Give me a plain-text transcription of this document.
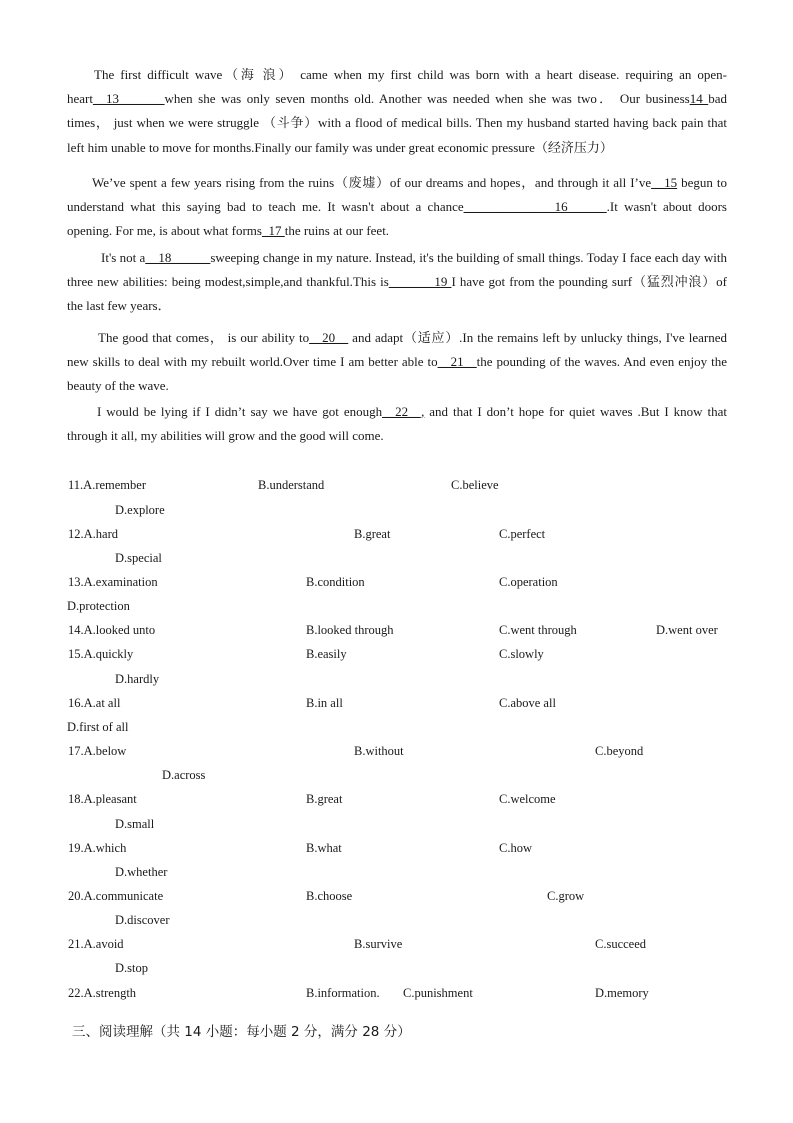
The first difficult wave（海 浪） came when my first child was born with a heart disease. requiring an open-heart__13_______when she was only seven months old. Another was needed when she was two． Our business14 bad times， just when we were struggle （斗争）with a flood of medical bills. Then my husband started having back pain that left him unable to move for months.Finally our family was under great economic pressure（经济压力）
We’ve spent a few years rising from the ruins（废墟）of our dreams and hopes，and through it all I’ve__15 begun to understand what this saying bad to teach me. It wasn't about a chance______________16______.It wasn't about doors opening. For me, is about what forms_17 the ruins at our feet.
It's not a__18______sweeping change in my nature. Instead, it's the building of small things. Today I face each day with three new abilities: being modest,simple,and thankful.This is_______19 I have got from the pounding surf（猛烈冲浪）of the last few years．
The good that comes， is our ability to__20__ and adapt（适应）.In the remains left by unlucky things, I've learned new skills to deal with my rebuilt world.Over time I am better able to__21__the pounding of the waves. And even enjoy the beauty of the wave.
I would be lying if I didn’t say we have got enough__22__, and that I don’t hope for quiet waves .But I know that through it all, my abilities will grow and the good will come.
11.A.remember	B.understand	C.believe
D.explore
12.A.hard	B.great	C.perfect
D.special
13.A.examination	B.condition	C.operation
D.protection
14.A.looked unto	B.looked through	C.went through	D.went over
15.A.quickly	B.easily	C.slowly
D.hardly
16.A.at all	B.in all	C.above all
D.first of all
17.A.below	B.without	C.beyond
D.across
18.A.pleasant	B.great	C.welcome
D.small
19.A.which	B.what	C.how
D.whether
20.A.communicate	B.choose	C.grow
D.discover
21.A.avoid	B.survive	C.succeed
D.stop
22.A.strength	B.information. C.punishment	D.memory
三、阅读理解（共 14 小题：每小题 2 分，满分 28 分）
